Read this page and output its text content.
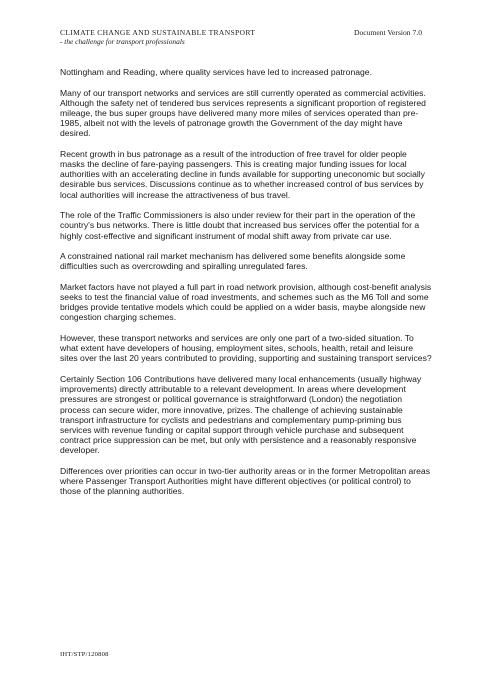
CLIMATE CHANGE AND SUSTAINABLE TRANSPORT
- the challenge for transport professionals
Document Version 7.0

Nottingham and Reading, where quality services have led to increased patronage.

Many of our transport networks and services are still currently operated as commercial activities. Although the safety net of tendered bus services represents a significant proportion of registered mileage, the bus super groups have delivered many more miles of services operated than pre-1985, albeit not with the levels of patronage growth the Government of the day might have desired.

Recent growth in bus patronage as a result of the introduction of free travel for older people masks the decline of fare-paying passengers. This is creating major funding issues for local authorities with an accelerating decline in funds available for supporting uneconomic but socially desirable bus services. Discussions continue as to whether increased control of bus services by local authorities will increase the attractiveness of bus travel.

The role of the Traffic Commissioners is also under review for their part in the operation of the country's bus networks. There is little doubt that increased bus services offer the potential for a highly cost-effective and significant instrument of modal shift away from private car use.

A constrained national rail market mechanism has delivered some benefits alongside some difficulties such as overcrowding and spiralling unregulated fares.

Market factors have not played a full part in road network provision, although cost-benefit analysis seeks to test the financial value of road investments, and schemes such as the M6 Toll and some bridges provide tentative models which could be applied on a wider basis, maybe alongside new congestion charging schemes.

However, these transport networks and services are only one part of a two-sided situation. To what extent have developers of housing, employment sites, schools, health, retail and leisure sites over the last 20 years contributed to providing, supporting and sustaining transport services?

Certainly Section 106 Contributions have delivered many local enhancements (usually highway improvements) directly attributable to a relevant development. In areas where development pressures are strongest or political governance is straightforward (London) the negotiation process can secure wider, more innovative, prizes. The challenge of achieving sustainable transport infrastructure for cyclists and pedestrians and complementary pump-priming bus services with revenue funding or capital support through vehicle purchase and subsequent contract price suppression can be met, but only with persistence and a reasonably responsive developer.

Differences over priorities can occur in two-tier authority areas or in the former Metropolitan areas where Passenger Transport Authorities might have different objectives (or political control) to those of the planning authorities.

IHT/STP/120808
